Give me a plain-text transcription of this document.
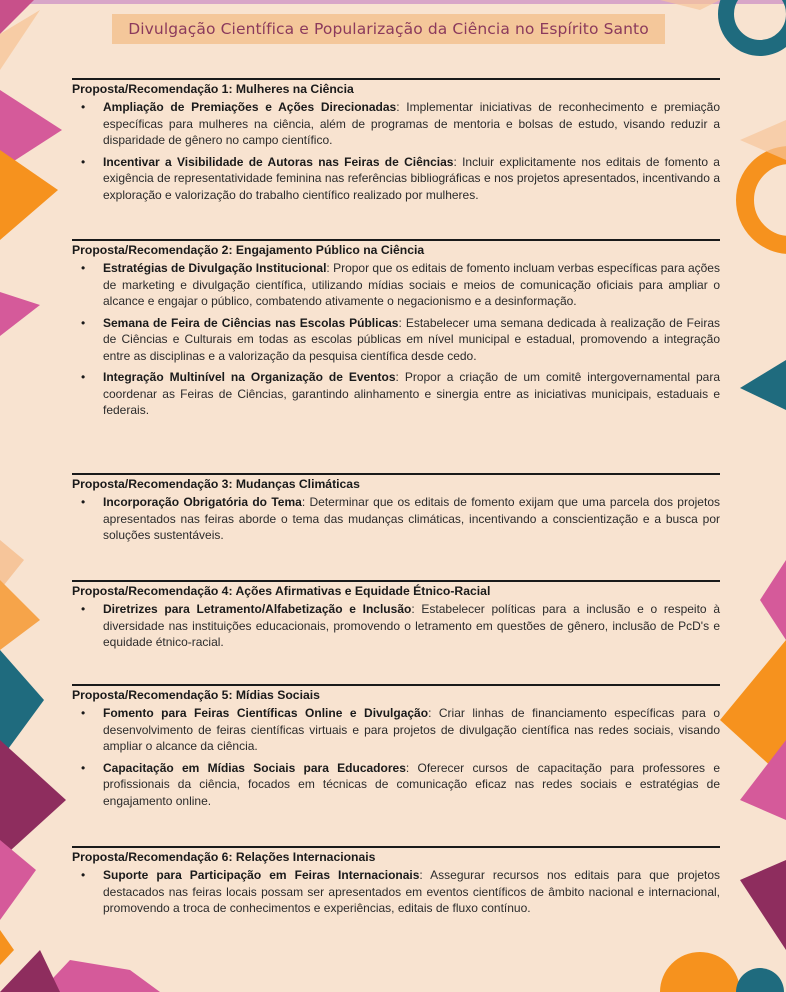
Divulgação Científica e Popularização da Ciência no Espírito Santo
Proposta/Recomendação 1: Mulheres na Ciência
• Ampliação de Premiações e Ações Direcionadas: Implementar iniciativas de reconhecimento e premiação específicas para mulheres na ciência, além de programas de mentoria e bolsas de estudo, visando reduzir a disparidade de gênero no campo científico.
• Incentivar a Visibilidade de Autoras nas Feiras de Ciências: Incluir explicitamente nos editais de fomento a exigência de representatividade feminina nas referências bibliográficas e nos projetos apresentados, incentivando a exploração e valorização do trabalho científico realizado por mulheres.
Proposta/Recomendação 2: Engajamento Público na Ciência
• Estratégias de Divulgação Institucional: Propor que os editais de fomento incluam verbas específicas para ações de marketing e divulgação científica, utilizando mídias sociais e meios de comunicação oficiais para ampliar o alcance e engajar o público, combatendo ativamente o negacionismo e a desinformação.
• Semana de Feira de Ciências nas Escolas Públicas: Estabelecer uma semana dedicada à realização de Feiras de Ciências e Culturais em todas as escolas públicas em nível municipal e estadual, promovendo a integração entre as disciplinas e a valorização da pesquisa científica desde cedo.
• Integração Multinível na Organização de Eventos: Propor a criação de um comitê intergovernamental para coordenar as Feiras de Ciências, garantindo alinhamento e sinergia entre as iniciativas municipais, estaduais e federais.
Proposta/Recomendação 3: Mudanças Climáticas
• Incorporação Obrigatória do Tema: Determinar que os editais de fomento exijam que uma parcela dos projetos apresentados nas feiras aborde o tema das mudanças climáticas, incentivando a conscientização e a busca por soluções sustentáveis.
Proposta/Recomendação 4: Ações Afirmativas e Equidade Étnico-Racial
• Diretrizes para Letramento/Alfabetização e Inclusão: Estabelecer políticas para a inclusão e o respeito à diversidade nas instituições educacionais, promovendo o letramento em questões de gênero, inclusão de PcD's e equidade étnico-racial.
Proposta/Recomendação 5: Mídias Sociais
• Fomento para Feiras Científicas Online e Divulgação: Criar linhas de financiamento específicas para o desenvolvimento de feiras científicas virtuais e para projetos de divulgação científica nas redes sociais, visando ampliar o alcance da ciência.
• Capacitação em Mídias Sociais para Educadores: Oferecer cursos de capacitação para professores e profissionais da ciência, focados em técnicas de comunicação eficaz nas redes sociais e estratégias de engajamento online.
Proposta/Recomendação 6: Relações Internacionais
• Suporte para Participação em Feiras Internacionais: Assegurar recursos nos editais para que projetos destacados nas feiras locais possam ser apresentados em eventos científicos de âmbito nacional e internacional, promovendo a troca de conhecimentos e experiências, editais de fluxo contínuo.
